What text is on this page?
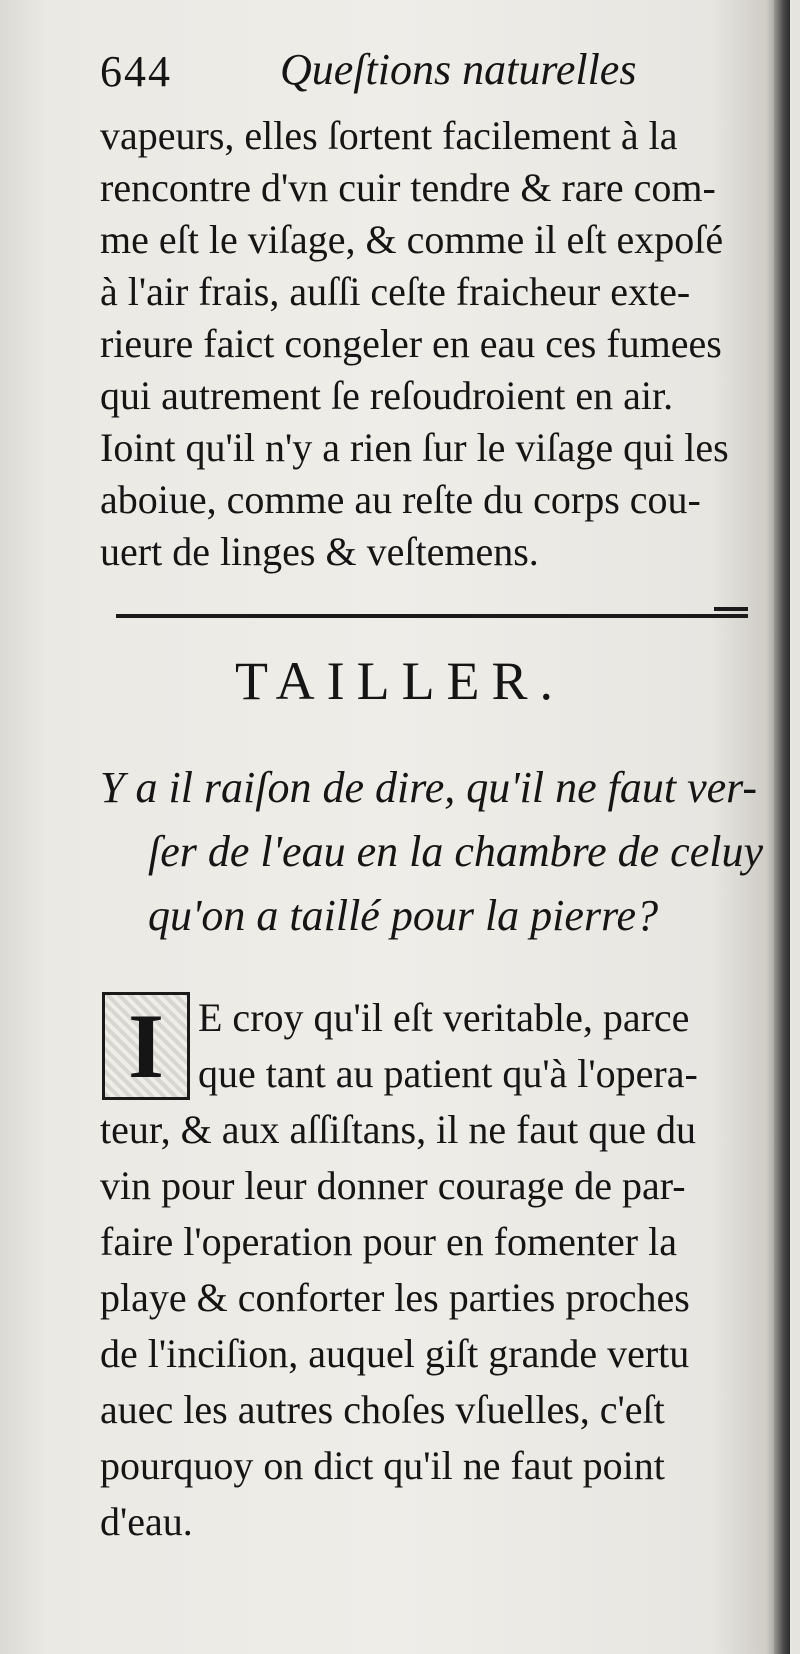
644 Queſtions naturelles
vapeurs, elles ſortent facilement à la
rencontre d'vn cuir tendre & rare com-
me eſt le viſage, & comme il eſt expoſé
à l'air frais, auſſi ceſte fraicheur exte-
rieure faict congeler en eau ces fumees
qui autrement ſe reſoudroient en air.
Ioint qu'il n'y a rien ſur le viſage qui les
aboiue, comme au reſte du corps cou-
uert de linges & veſtemens.
TAILLER.
Y a il raiſon de dire, qu'il ne faut ver-
ſer de l'eau en la chambre de celuy
qu'on a taillé pour la pierre?
I E croy qu'il eſt veritable, parce
que tant au patient qu'à l'opera-
teur, & aux aſſiſtans, il ne faut que du
vin pour leur donner courage de par-
faire l'operation pour en fomenter la
playe & conforter les parties proches
de l'inciſion, auquel giſt grande vertu
auec les autres choſes vſuelles, c'eſt
pourquoy on dict qu'il ne faut point
d'eau.
